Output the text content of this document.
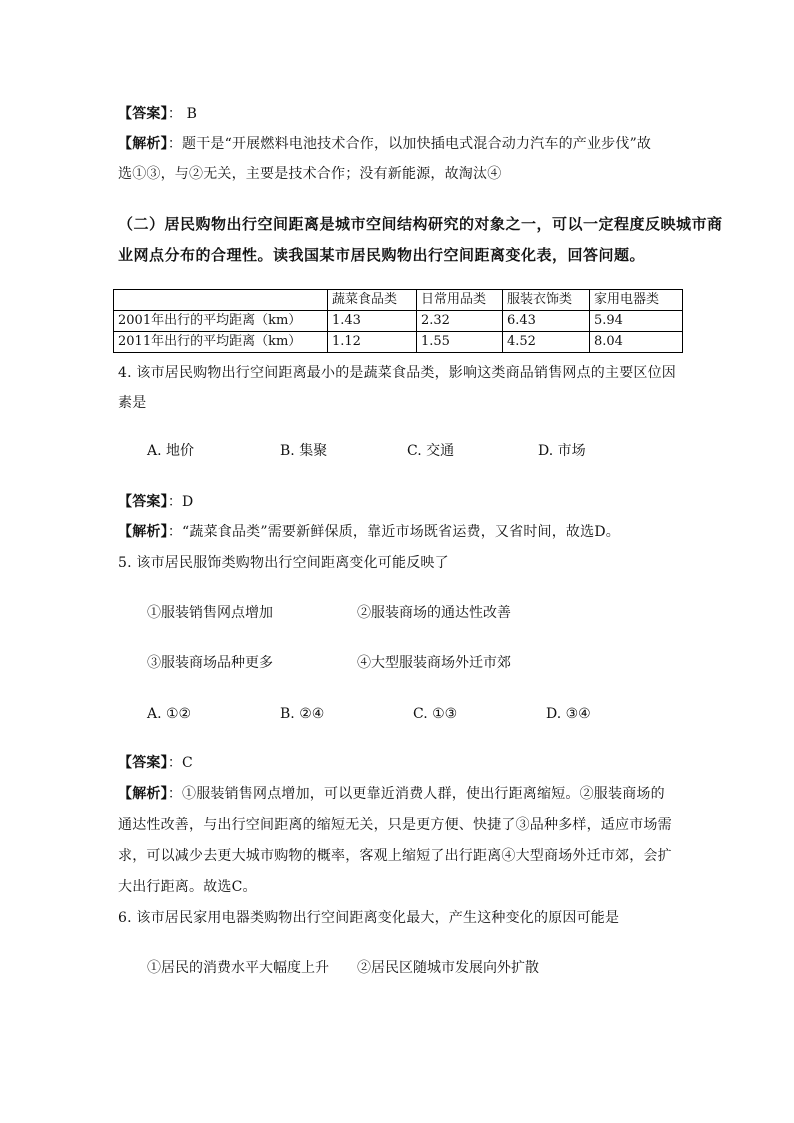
【答案】： B
【解析】：题干是“开展燃料电池技术合作，以加快插电式混合动力汽车的产业步伐”故
选①③，与②无关，主要是技术合作；没有新能源，故淘汰④
（二）居民购物出行空间距离是城市空间结构研究的对象之一，可以一定程度反映城市商
业网点分布的合理性。读我国某市居民购物出行空间距离变化表，回答问题。
	蔬菜食品类	日常用品类	服装衣饰类	家用电器类
2001年出行的平均距离（km）	1.43	2.32	6.43	5.94
2011年出行的平均距离（km）	1.12	1.55	4.52	8.04
4. 该市居民购物出行空间距离最小的是蔬菜食品类，影响这类商品销售网点的主要区位因
素是
A. 地价	B. 集聚	C. 交通	D. 市场
【答案】：D
【解析】：“蔬菜食品类”需要新鲜保质，靠近市场既省运费，又省时间，故选D。
5. 该市居民服饰类购物出行空间距离变化可能反映了
①服装销售网点增加	②服装商场的通达性改善
③服装商场品种更多	④大型服装商场外迁市郊
A. ①②	B. ②④	C. ①③	D. ③④
【答案】：C
【解析】：①服装销售网点增加，可以更靠近消费人群，使出行距离缩短。②服装商场的
通达性改善，与出行空间距离的缩短无关，只是更方便、快捷了③品种多样，适应市场需
求，可以减少去更大城市购物的概率，客观上缩短了出行距离④大型商场外迁市郊，会扩
大出行距离。故选C。
6. 该市居民家用电器类购物出行空间距离变化最大，产生这种变化的原因可能是
①居民的消费水平大幅度上升 ②居民区随城市发展向外扩散
